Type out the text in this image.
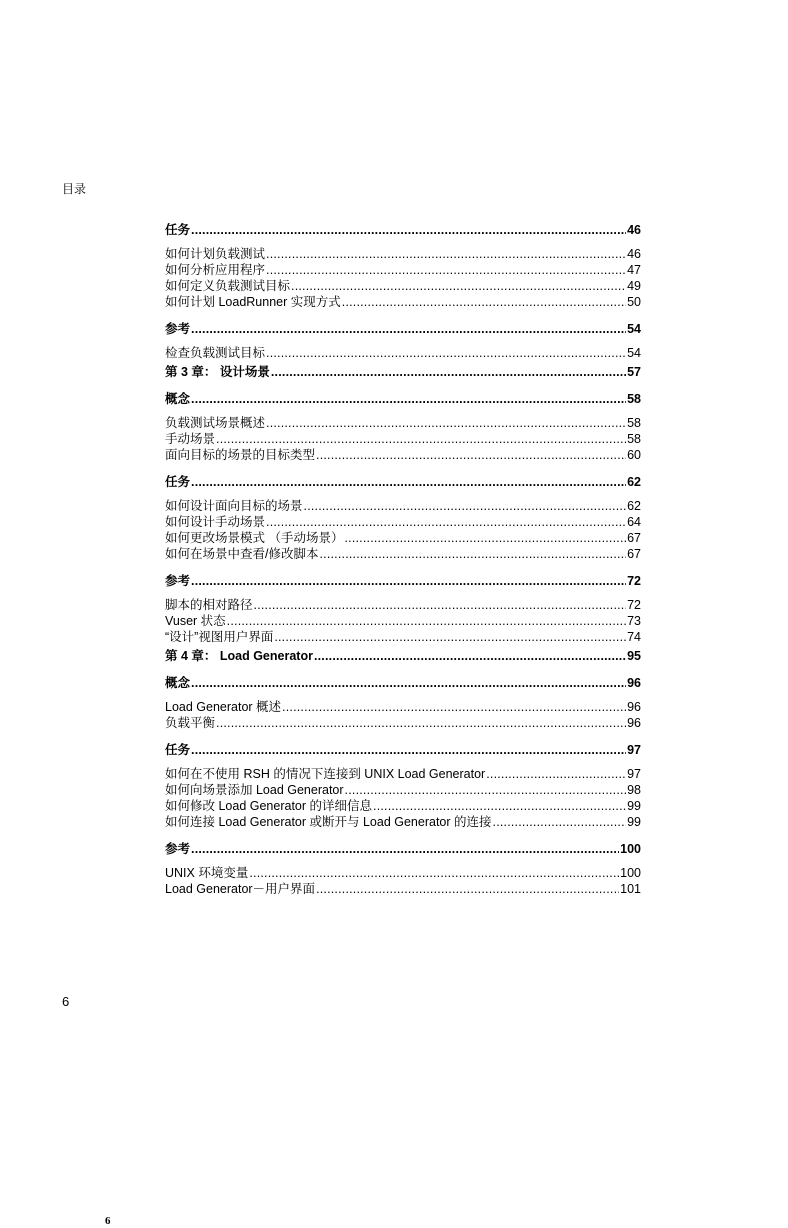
目录
任务 .....	46
如何计划负载测试 .....	46
如何分析应用程序 .....	47
如何定义负载测试目标 .....	49
如何计划 LoadRunner 实现方式 .....	50
参考 .....	54
检查负载测试目标 .....	54
第 3 章： 设计场景 .....	57
概念 .....	58
负载测试场景概述 .....	58
手动场景 .....	58
面向目标的场景的目标类型 .....	60
任务 .....	62
如何设计面向目标的场景 .....	62
如何设计手动场景 .....	64
如何更改场景模式 （手动场景） .....	67
如何在场景中查看/修改脚本 .....	67
参考 .....	72
脚本的相对路径 .....	72
Vuser 状态 .....	73
“设计”视图用户界面 .....	74
第 4 章： Load Generator .....	95
概念 .....	96
Load Generator 概述 .....	96
负载平衡 .....	96
任务 .....	97
如何在不使用 RSH 的情况下连接到 UNIX Load Generator .....	97
如何向场景添加 Load Generator .....	98
如何修改 Load Generator 的详细信息 .....	99
如何连接 Load Generator 或断开与 Load Generator 的连接 .....	99
参考 .....	100
UNIX 环境变量 .....	100
Load Generator－用户界面 .....	101
6
6
